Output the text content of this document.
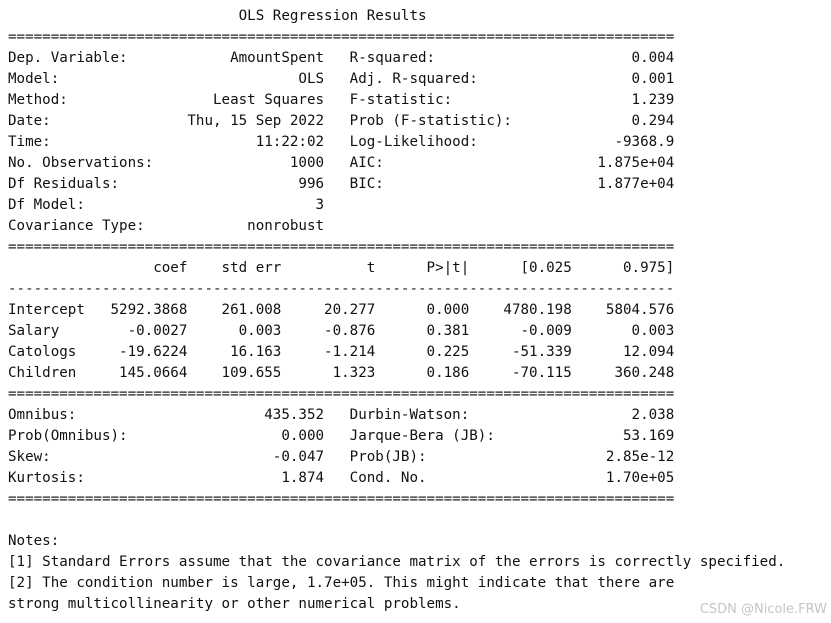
OLS Regression Results
==============================================================================
Dep. Variable:            AmountSpent   R-squared:                       0.004
Model:                            OLS   Adj. R-squared:                  0.001
Method:                 Least Squares   F-statistic:                     1.239
Date:                Thu, 15 Sep 2022   Prob (F-statistic):              0.294
Time:                        11:22:02   Log-Likelihood:                -9368.9
No. Observations:                1000   AIC:                         1.875e+04
Df Residuals:                     996   BIC:                         1.877e+04
Df Model:                           3
Covariance Type:            nonrobust
==============================================================================
coef    std err          t      P>|t|      [0.025      0.975]
------------------------------------------------------------------------------
Intercept   5292.3868    261.008     20.277      0.000    4780.198    5804.576
Salary        -0.0027      0.003     -0.876      0.381      -0.009       0.003
Catologs     -19.6224     16.163     -1.214      0.225     -51.339      12.094
Children     145.0664    109.655      1.323      0.186     -70.115     360.248
==============================================================================
Omnibus:                      435.352   Durbin-Watson:                   2.038
Prob(Omnibus):                  0.000   Jarque-Bera (JB):               53.169
Skew:                          -0.047   Prob(JB):                     2.85e-12
Kurtosis:                       1.874   Cond. No.                     1.70e+05
==============================================================================
Notes:
[1] Standard Errors assume that the covariance matrix of the errors is correctly specified.
[2] The condition number is large, 1.7e+05. This might indicate that there are
strong multicollinearity or other numerical problems.	CSDN @Nicole.FRW
